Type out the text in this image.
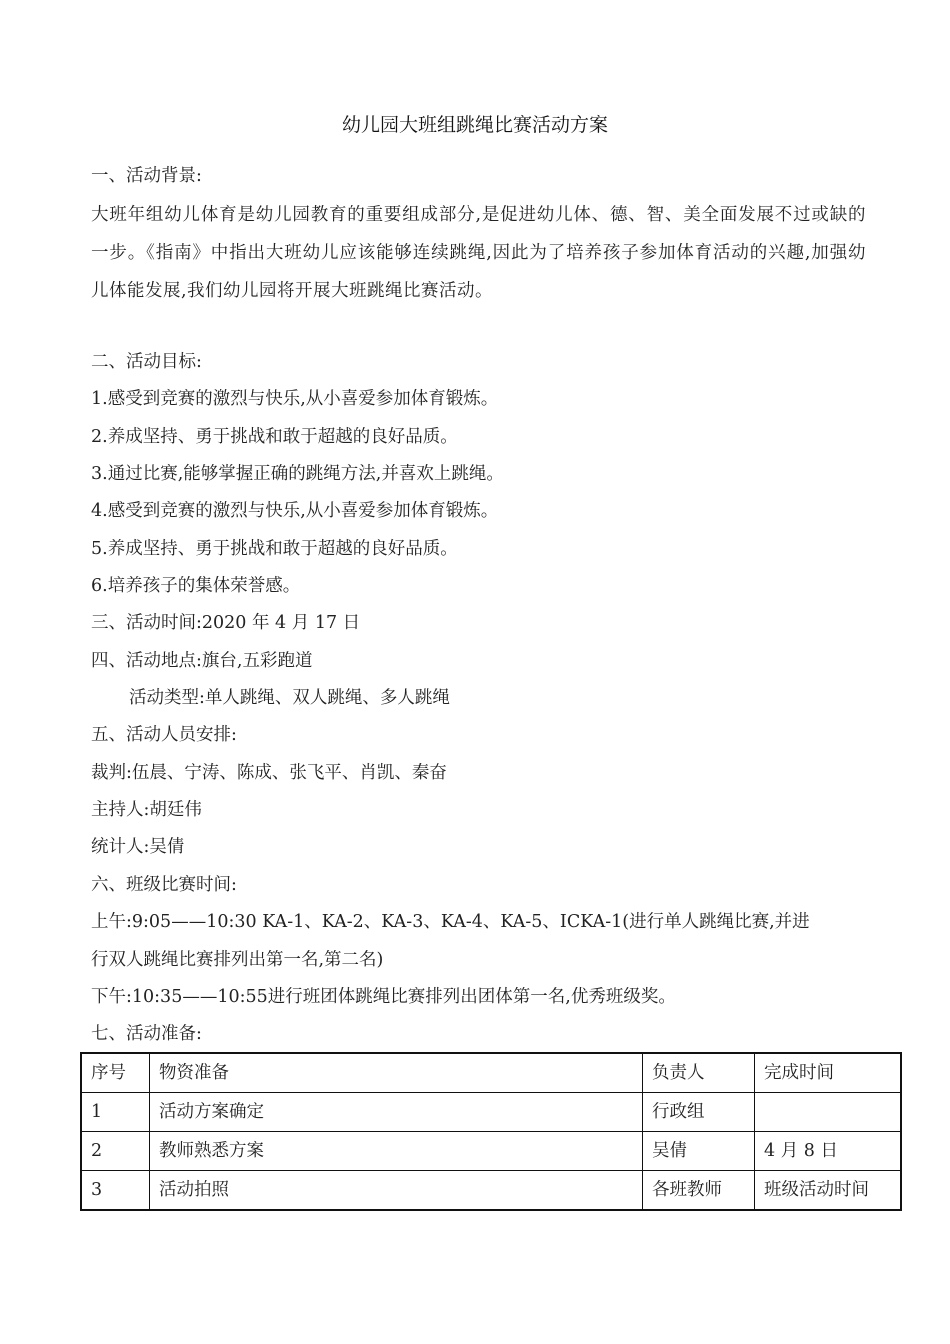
幼儿园大班组跳绳比赛活动方案
一、活动背景:
大班年组幼儿体育是幼儿园教育的重要组成部分,是促进幼儿体、德、智、美全面发展不过或缺的一步。《指南》中指出大班幼儿应该能够连续跳绳,因此为了培养孩子参加体育活动的兴趣,加强幼儿体能发展,我们幼儿园将开展大班跳绳比赛活动。
二、活动目标:
1.感受到竞赛的激烈与快乐,从小喜爱参加体育锻炼。
2.养成坚持、勇于挑战和敢于超越的良好品质。
3.通过比赛,能够掌握正确的跳绳方法,并喜欢上跳绳。
4.感受到竞赛的激烈与快乐,从小喜爱参加体育锻炼。
5.养成坚持、勇于挑战和敢于超越的良好品质。
6.培养孩子的集体荣誉感。
三、活动时间:2020 年 4 月 17 日
四、活动地点:旗台,五彩跑道
活动类型:单人跳绳、双人跳绳、多人跳绳
五、活动人员安排:
裁判:伍晨、宁涛、陈成、张飞平、肖凯、秦奋
主持人:胡廷伟
统计人:吴倩
六、班级比赛时间:
上午:9:05——10:30 KA-1、KA-2、KA-3、KA-4、KA-5、ICKA-1(进行单人跳绳比赛,并进
行双人跳绳比赛排列出第一名,第二名)
下午:10:35——10:55进行班团体跳绳比赛排列出团体第一名,优秀班级奖。
七、活动准备:
序号	物资准备	负责人	完成时间
1	活动方案确定	行政组	
2	教师熟悉方案	吴倩	4 月 8 日
3	活动拍照	各班教师	班级活动时间
